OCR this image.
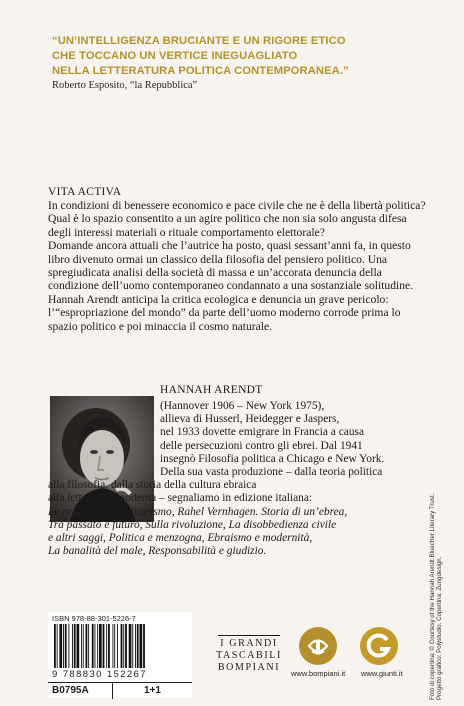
“UN’INTELLIGENZA BRUCIANTE E UN RIGORE ETICO
CHE TOCCANO UN VERTICE INEGUAGLIATO
NELLA LETTERATURA POLITICA CONTEMPORANEA.”
Roberto Esposito, “la Repubblica”
VITA ACTIVA

In condizioni di benessere economico e pace civile che ne è della libertà politica? Qual è lo spazio consentito a un agire politico che non sia solo angusta difesa degli interessi materiali o rituale comportamento elettorale?

Domande ancora attuali che l’autrice ha posto, quasi sessant’anni fa, in questo libro divenuto ormai un classico della filosofia del pensiero politico. Una spregiudicata analisi della società di massa e un’accorata denuncia della condizione dell’uomo contemporaneo condannato a una sostanziale solitudine.

Hannah Arendt anticipa la critica ecologica e denuncia un grave pericolo: l’“espropriazione del mondo” da parte dell’uomo moderno corrode prima lo spazio politico e poi minaccia il cosmo naturale.

HANNAH ARENDT
(Hannover 1906 – New York 1975),
allieva di Husserl, Heidegger e Jaspers,
nel 1933 dovette emigrare in Francia a causa
delle persecuzioni contro gli ebrei. Dal 1941
insegnò Filosofia politica a Chicago e New York.
Della sua vasta produzione – dalla teoria politica
alla filosofia, dalla storia della cultura ebraica
alla letteratura moderna – segnaliamo in edizione italiana:
Le origini del totalitarismo, Rahel Vernhagen. Storia di un’ebrea,
Tra passato e futuro, Sulla rivoluzione, La disobbedienza civile
e altri saggi, Politica e menzogna, Ebraismo e modernità,
La banalità del male, Responsabilità e giudizio.	Foto di copertina: © Courtesy of the Hannah Arendt Bluecher Literary Trust. Progetto grafico: Polystudio. Copertina: Zungdesign.
ISBN 978-88-301-5226-7
9 788830 152267
B0795A	1+1
I GRANDI
TASCABILI
BOMPIANI
www.bompiani.it www.giunti.it
